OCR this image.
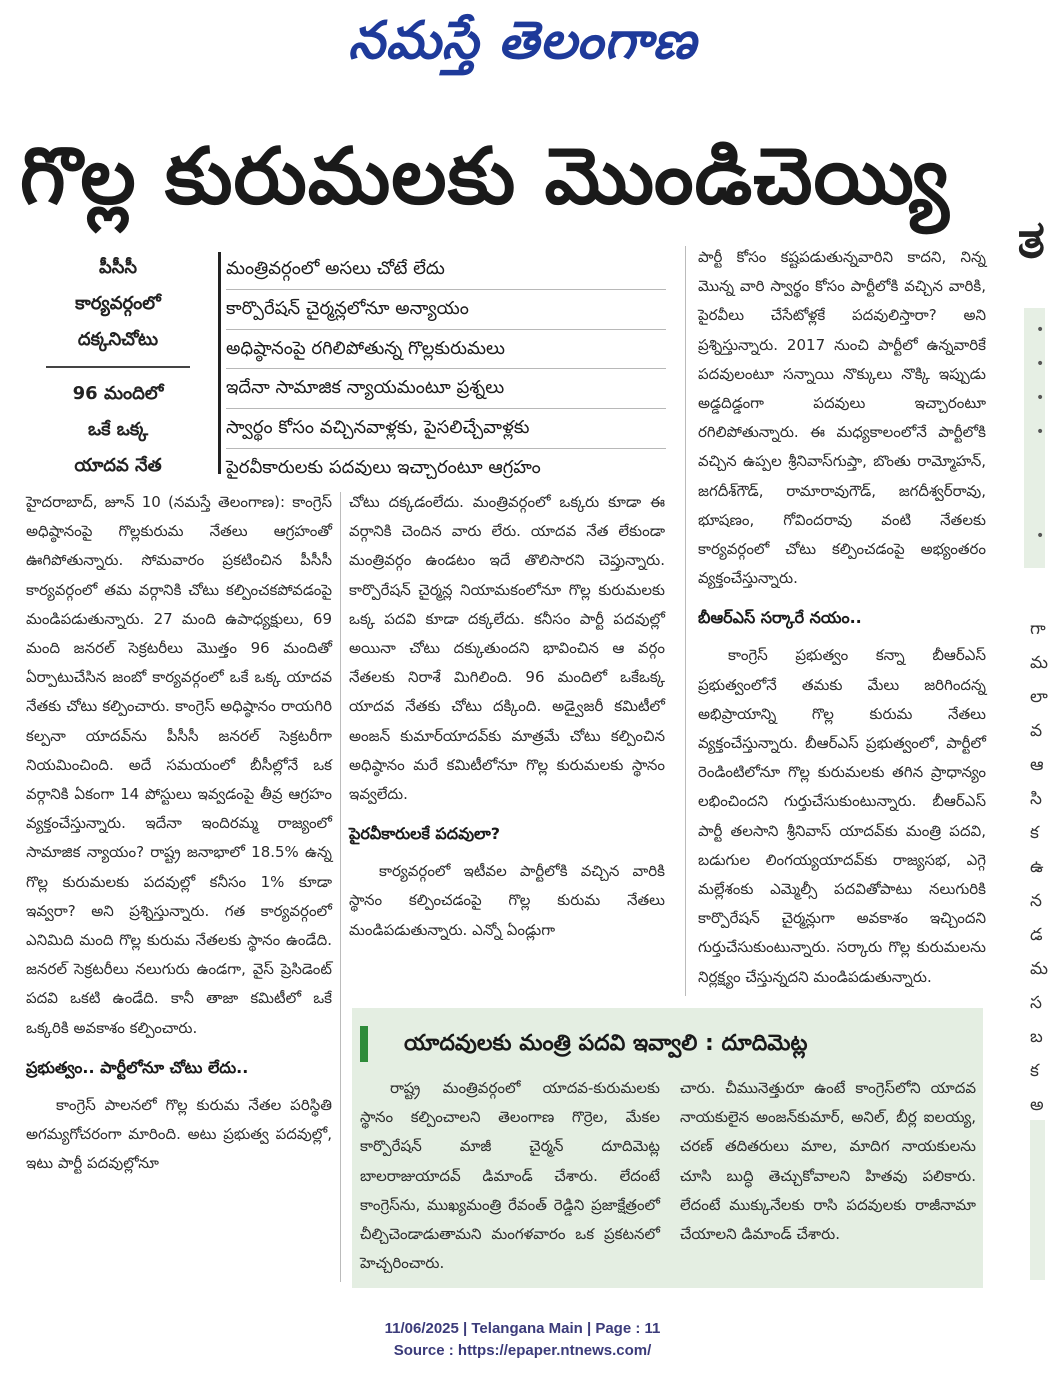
నమస్తే తెలంగాణ
గొల్ల కురుమలకు మొండిచెయ్యి
ತ
•
•
•
•
•
గా
మ
లా
వ
ఆ
సి
క
ఉ
న
డ
మ
స
బ
క
అ

పీసీసీ
కార్యవర్గంలో
దక్కనిచోటు
96 మందిలో
ఒకే ఒక్క
యాదవ నేత
మంత్రివర్గంలో అసలు చోటే లేదు
కార్పొరేషన్ చైర్మన్లలోనూ అన్యాయం
అధిష్ఠానంపై రగిలిపోతున్న గొల్లకురుమలు
ఇదేనా సామాజిక న్యాయమంటూ ప్రశ్నలు
స్వార్థం కోసం వచ్చినవాళ్లకు, పైసలిచ్చేవాళ్లకు
పైరవీకారులకు పదవులు ఇచ్చారంటూ ఆగ్రహం

హైదరాబాద్, జూన్ 10 (నమస్తే తెలంగాణ): కాంగ్రెస్ అధిష్ఠానంపై గొల్లకురుమ నేతలు ఆగ్రహంతో ఊగిపోతున్నారు. సోమవారం ప్రకటించిన పీసీసీ కార్యవర్గంలో తమ వర్గానికి చోటు కల్పించకపోవడంపై మండిపడుతున్నారు. 27 మంది ఉపాధ్యక్షులు, 69 మంది జనరల్ సెక్రటరీలు మొత్తం 96 మందితో ఏర్పాటుచేసిన జంబో కార్యవర్గంలో ఒకే ఒక్క యాదవ నేతకు చోటు కల్పించారు. కాంగ్రెస్ అధిష్ఠానం రాయగిరి కల్పనా యాదవ్‌ను పీసీసీ జనరల్ సెక్రటరీగా నియమించింది. అదే సమయంలో బీసీల్లోనే ఒక వర్గానికి ఏకంగా 14 పోస్టులు ఇవ్వడంపై తీవ్ర ఆగ్రహం వ్యక్తంచేస్తున్నారు. ఇదేనా ఇందిరమ్మ రాజ్యంలో సామాజిక న్యాయం? రాష్ట్ర జనాభాలో 18.5% ఉన్న గొల్ల కురుమలకు పదవుల్లో కనీసం 1% కూడా ఇవ్వరా? అని ప్రశ్నిస్తున్నారు. గత కార్యవర్గంలో ఎనిమిది మంది గొల్ల కురుమ నేతలకు స్థానం ఉండేది. జనరల్ సెక్రటరీలు నలుగురు ఉండగా, వైస్ ప్రెసిడెంట్ పదవి ఒకటి ఉండేది. కానీ తాజా కమిటీలో ఒకే ఒక్కరికి అవకాశం కల్పించారు.

ప్రభుత్వం.. పార్టీలోనూ చోటు లేదు..

కాంగ్రెస్ పాలనలో గొల్ల కురుమ నేతల పరిస్థితి అగమ్యగోచరంగా మారింది. అటు ప్రభుత్వ పదవుల్లో, ఇటు పార్టీ పదవుల్లోనూ

చోటు దక్కడంలేదు. మంత్రివర్గంలో ఒక్కరు కూడా ఈ వర్గానికి చెందిన వారు లేరు. యాదవ నేత లేకుండా మంత్రివర్గం ఉండటం ఇదే తొలిసారని చెప్తున్నారు. కార్పొరేషన్ చైర్మన్ల నియామకంలోనూ గొల్ల కురుమలకు ఒక్క పదవి కూడా దక్కలేదు. కనీసం పార్టీ పదవుల్లో అయినా చోటు దక్కుతుందని భావించిన ఆ వర్గం నేతలకు నిరాశే మిగిలింది. 96 మందిలో ఒకేఒక్క యాదవ నేతకు చోటు దక్కింది. అడ్వైజరీ కమిటీలో అంజన్ కుమార్‌యాదవ్‌కు మాత్రమే చోటు కల్పించిన అధిష్ఠానం మరే కమిటీలోనూ గొల్ల కురుమలకు స్థానం ఇవ్వలేదు.

పైరవీకారులకే పదవులా?

కార్యవర్గంలో ఇటీవల పార్టీలోకి వచ్చిన వారికి స్థానం కల్పించడంపై గొల్ల కురుమ నేతలు మండిపడుతున్నారు. ఎన్నో ఏండ్లుగా

పార్టీ కోసం కష్టపడుతున్నవారిని కాదని, నిన్న మొన్న వారి స్వార్థం కోసం పార్టీలోకి వచ్చిన వారికి, పైరవీలు చేసేటోళ్లకే పదవులిస్తారా? అని ప్రశ్నిస్తున్నారు. 2017 నుంచి పార్టీలో ఉన్నవారికే పదవులంటూ సన్నాయి నొక్కులు నొక్కి ఇప్పుడు అడ్డదిడ్డంగా పదవులు ఇచ్చారంటూ రగిలిపోతున్నారు. ఈ మధ్యకాలంలోనే పార్టీలోకి వచ్చిన ఉప్పల శ్రీనివాస్‌గుప్తా, బొంతు రామ్మోహన్, జగదీశ్‌గౌడ్, రామారావుగౌడ్, జగదీశ్వర్‌రావు, భూషణం, గోవిందరావు వంటి నేతలకు కార్యవర్గంలో చోటు కల్పించడంపై అభ్యంతరం వ్యక్తంచేస్తున్నారు.

బీఆర్‌ఎస్ సర్కారే నయం..

కాంగ్రెస్ ప్రభుత్వం కన్నా బీఆర్‌ఎస్ ప్రభుత్వంలోనే తమకు మేలు జరిగిందన్న అభిప్రాయాన్ని గొల్ల కురుమ నేతలు వ్యక్తంచేస్తున్నారు. బీఆర్‌ఎస్ ప్రభుత్వంలో, పార్టీలో రెండింటిలోనూ గొల్ల కురుమలకు తగిన ప్రాధాన్యం లభించిందని గుర్తుచేసుకుంటున్నారు. బీఆర్‌ఎస్ పార్టీ తలసాని శ్రీనివాస్ యాదవ్‌కు మంత్రి పదవి, బడుగుల లింగయ్యయాదవ్‌కు రాజ్యసభ, ఎగ్గె మల్లేశంకు ఎమ్మెల్సీ పదవితోపాటు నలుగురికి కార్పొరేషన్ చైర్మన్లుగా అవకాశం ఇచ్చిందని గుర్తుచేసుకుంటున్నారు. సర్కారు గొల్ల కురుమలను నిర్లక్ష్యం చేస్తున్నదని మండిపడుతున్నారు.

యాదవులకు మంత్రి పదవి ఇవ్వాలి : దూదిమెట్ల

రాష్ట్ర మంత్రివర్గంలో యాదవ-కురుమలకు స్థానం కల్పించాలని తెలంగాణ గొర్రెల, మేకల కార్పొరేషన్ మాజీ చైర్మన్ దూదిమెట్ల బాలరాజుయాదవ్ డిమాండ్ చేశారు. లేదంటే కాంగ్రెస్‌ను, ముఖ్యమంత్రి రేవంత్ రెడ్డిని ప్రజాక్షేత్రంలో చీల్చిచెండాడుతామని మంగళవారం ఒక ప్రకటనలో హెచ్చరించారు.

చారు. చీమునెత్తురూ ఉంటే కాంగ్రెస్‌లోని యాదవ నాయకులైన అంజన్‌కుమార్, అనిల్, బీర్ల ఐలయ్య, చరణ్ తదితరులు మాల, మాదిగ నాయకులను చూసి బుద్ధి తెచ్చుకోవాలని హితవు పలికారు. లేదంటే ముక్కునేలకు రాసి పదవులకు రాజీనామా చేయాలని డిమాండ్ చేశారు.

11/06/2025 | Telangana Main | Page : 11
Source : https://epaper.ntnews.com/
